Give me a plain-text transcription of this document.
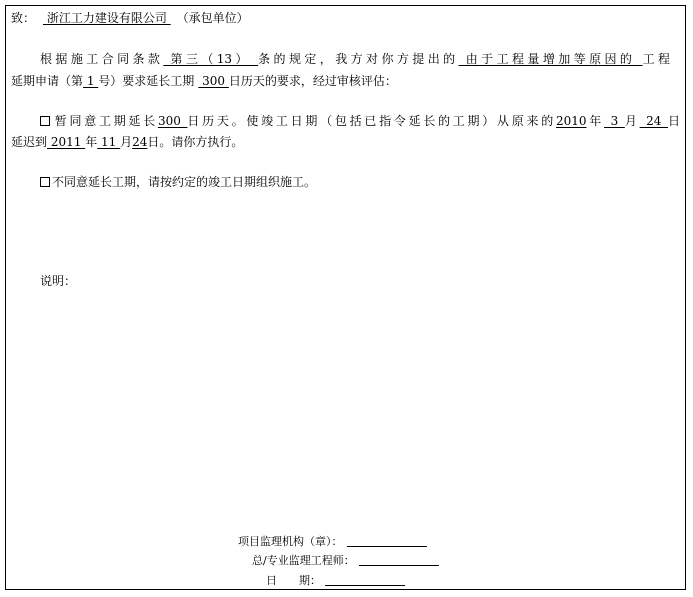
致： 浙江工力建设有限公司 （承包单位）
根据施工合同条款 第三（13） 条的规定，我方对你方提出的 由于工程量增加等原因的 工程
延期申请（第 1 号）要求延长工期 300 日历天的要求，经过审核评估：
暂同意工期延长300 日历天。使竣工日期（包括已指令延长的工期）从原来的2010年 3 月 24 日
延迟到 2011 年 11 月24日。请你方执行。
不同意延长工期，请按约定的竣工日期组织施工。
说明：
项目监理机构（章）：
总/专业监理工程师：
日　　期：
